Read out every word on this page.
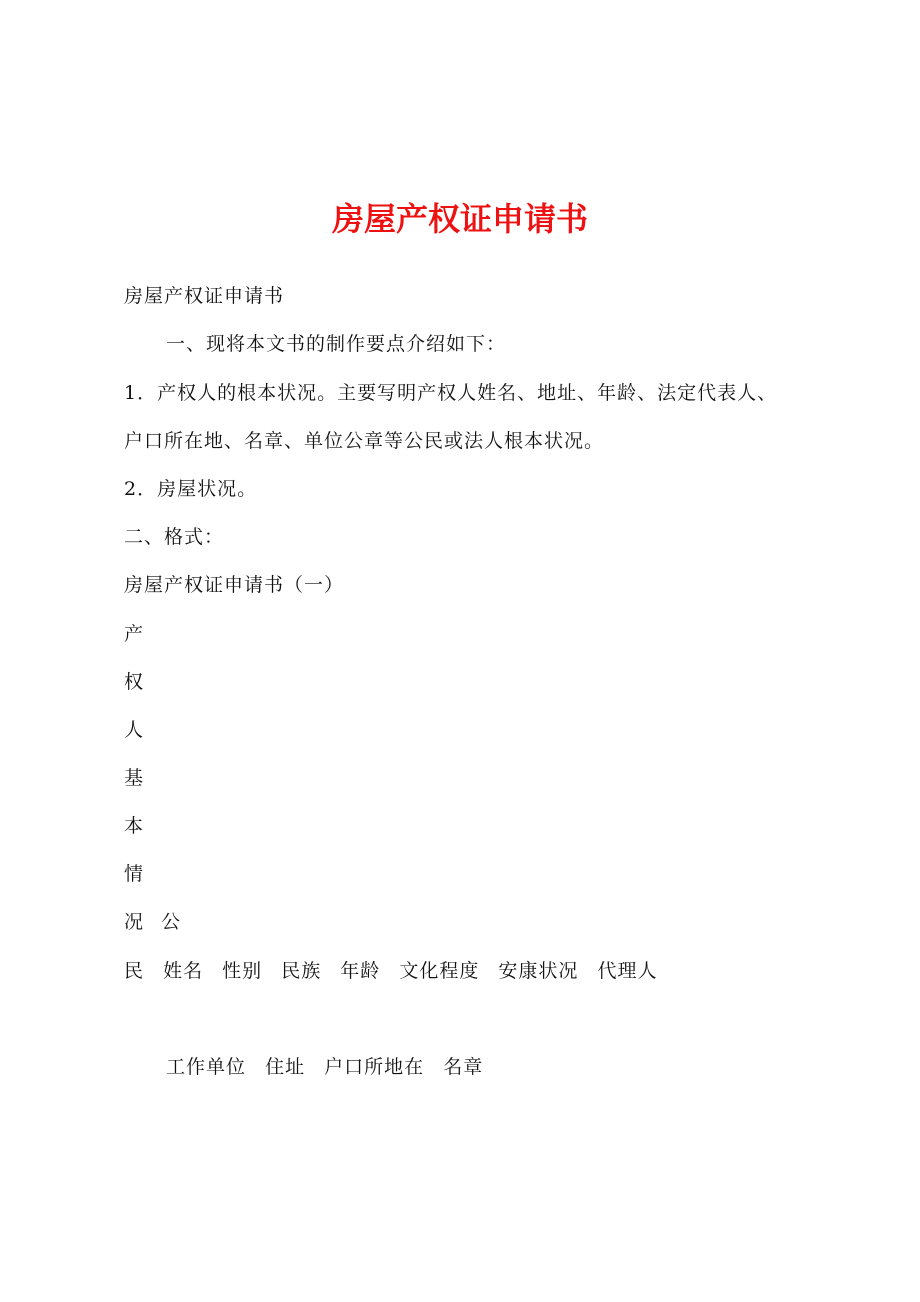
房屋产权证申请书

房屋产权证申请书

一、现将本文书的制作要点介绍如下：

1．产权人的根本状况。主要写明产权人姓名、地址、年龄、法定代表人、

户口所在地、名章、单位公章等公民或法人根本状况。

2．房屋状况。

二、格式：

房屋产权证申请书（一）

产

权

人

基

本

情

况 公

民 姓名 性别 民族 年龄 文化程度 安康状况 代理人

工作单位 住址 户口所地在 名章
